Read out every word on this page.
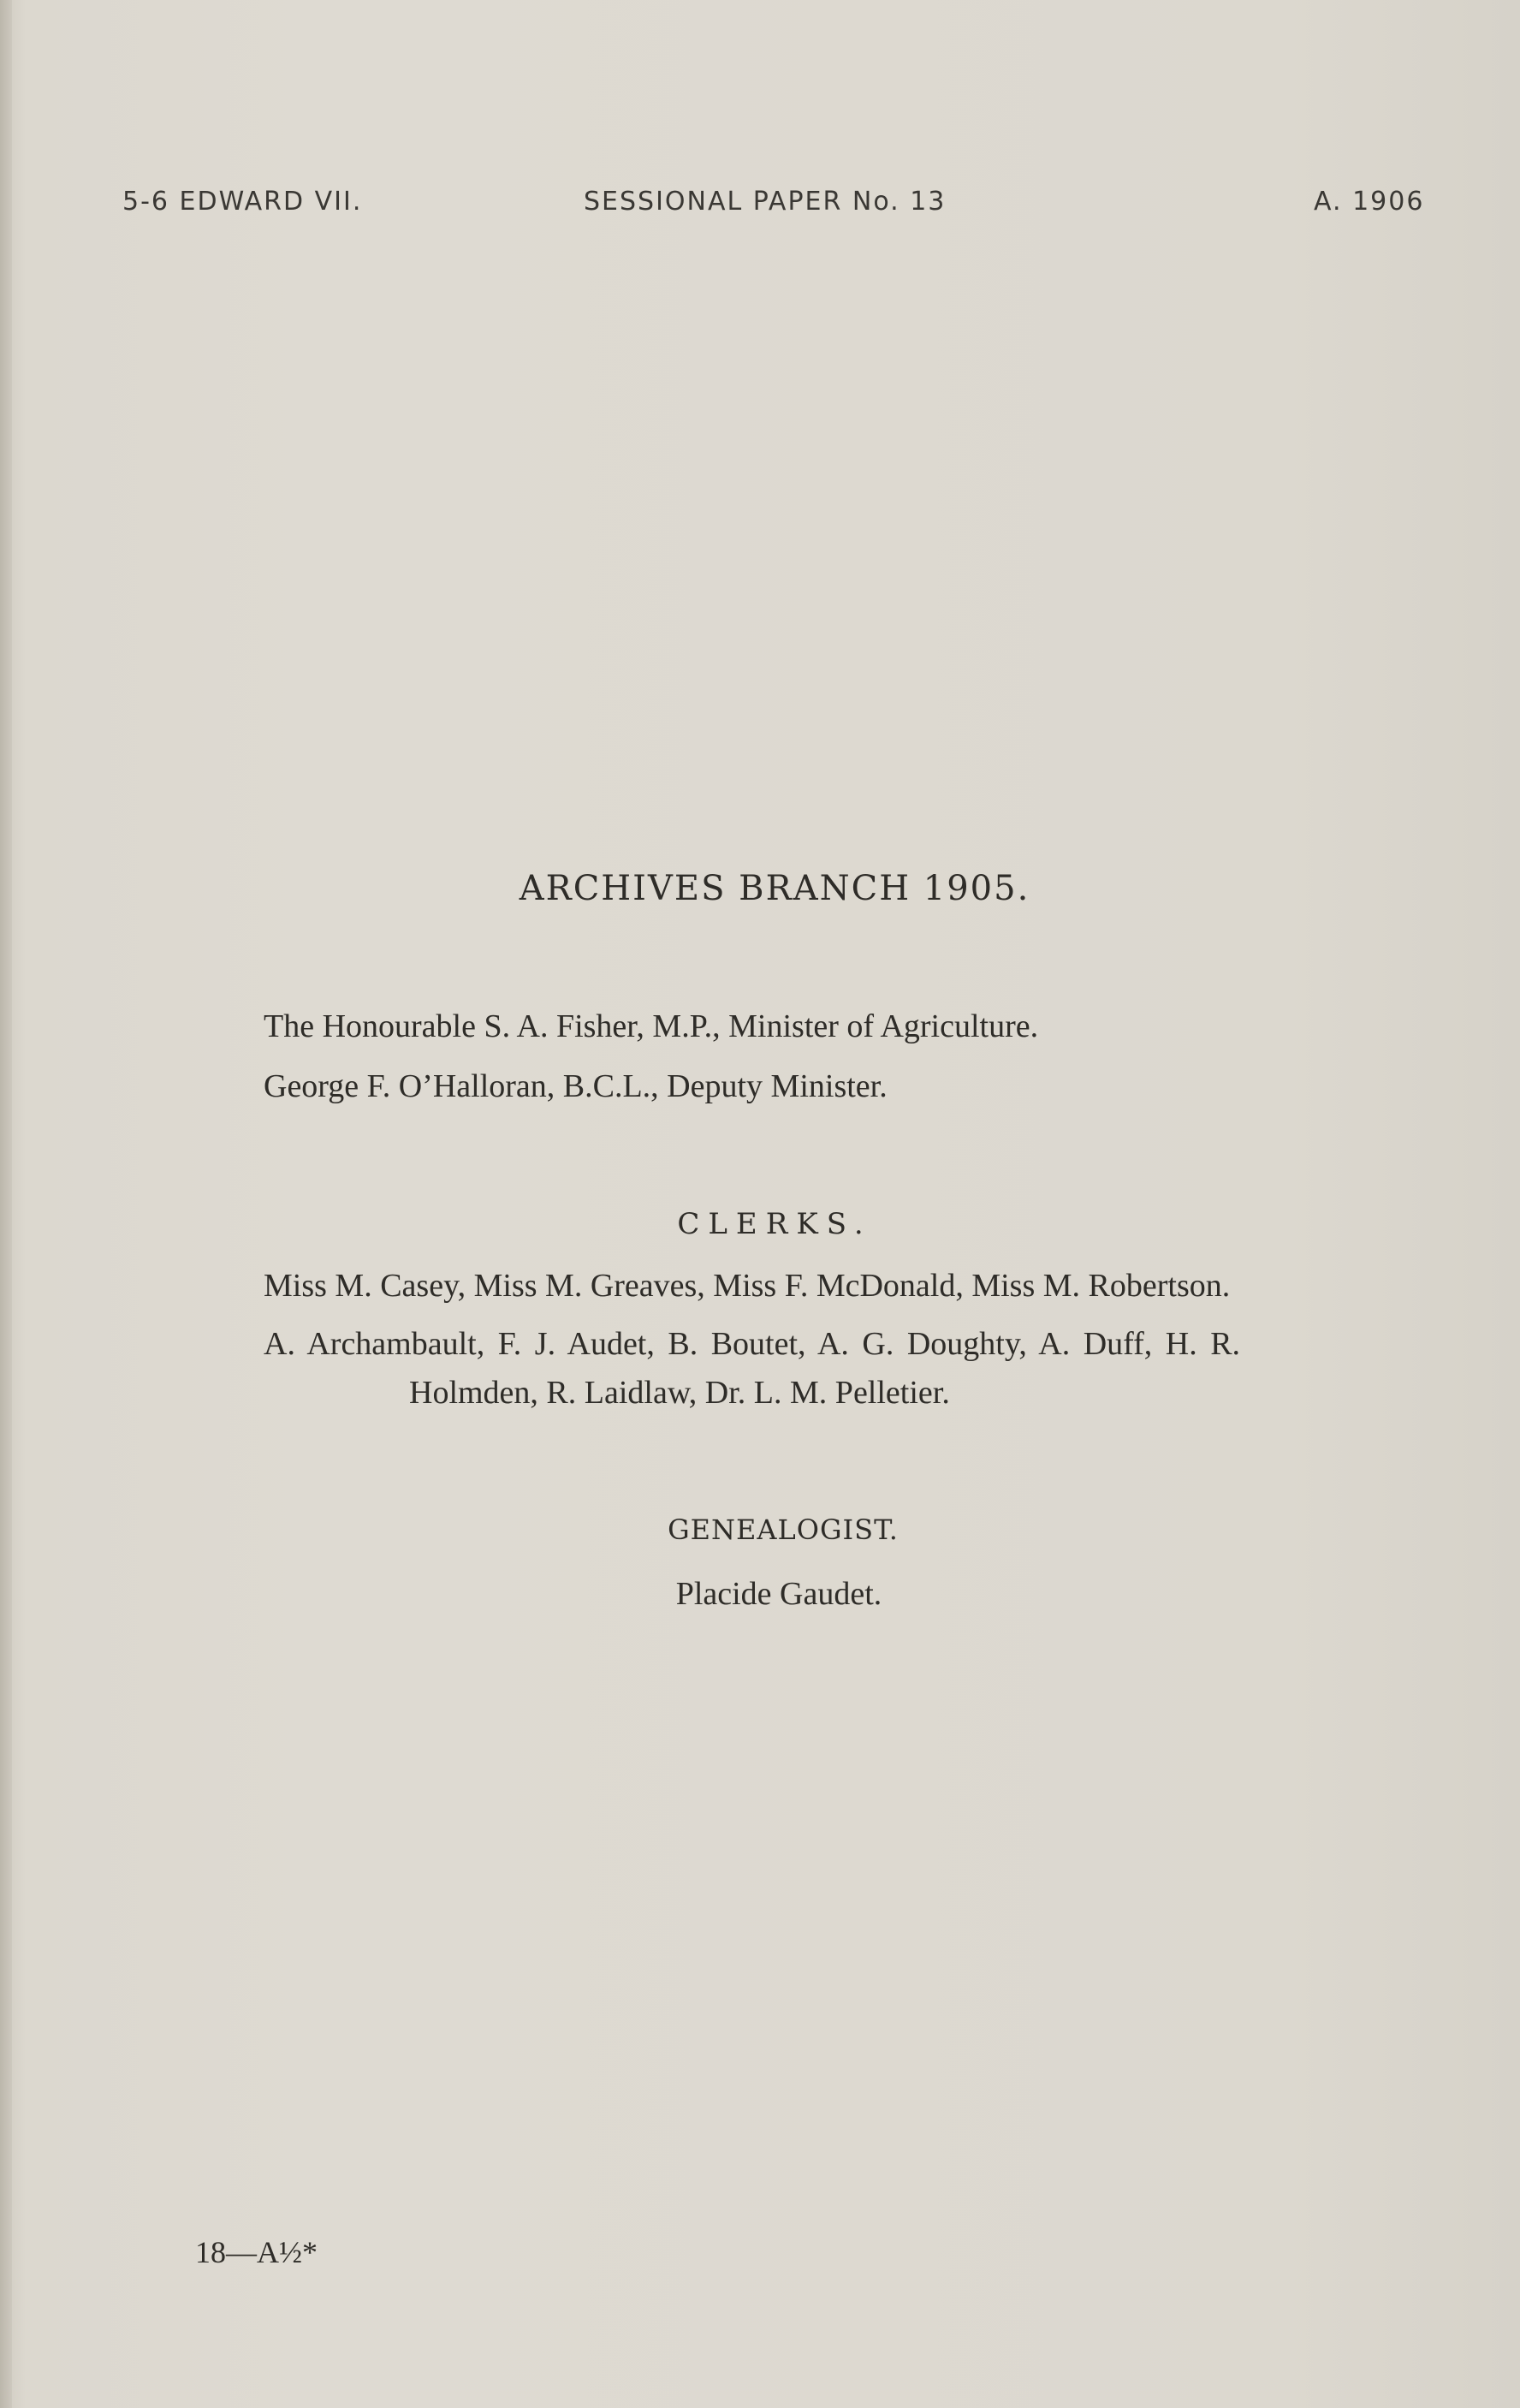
5-6 EDWARD VII.	SESSIONAL PAPER No. 13	A. 1906
ARCHIVES BRANCH 1905.
The Honourable S. A. Fisher, M.P., Minister of Agriculture.
George F. O’Halloran, B.C.L., Deputy Minister.
CLERKS.
Miss M. Casey, Miss M. Greaves, Miss F. McDonald, Miss M. Robertson.
A. Archambault, F. J. Audet, B. Boutet, A. G. Doughty, A. Duff, H. R.
Holmden, R. Laidlaw, Dr. L. M. Pelletier.
GENEALOGIST.
Placide Gaudet.
18—A½*
